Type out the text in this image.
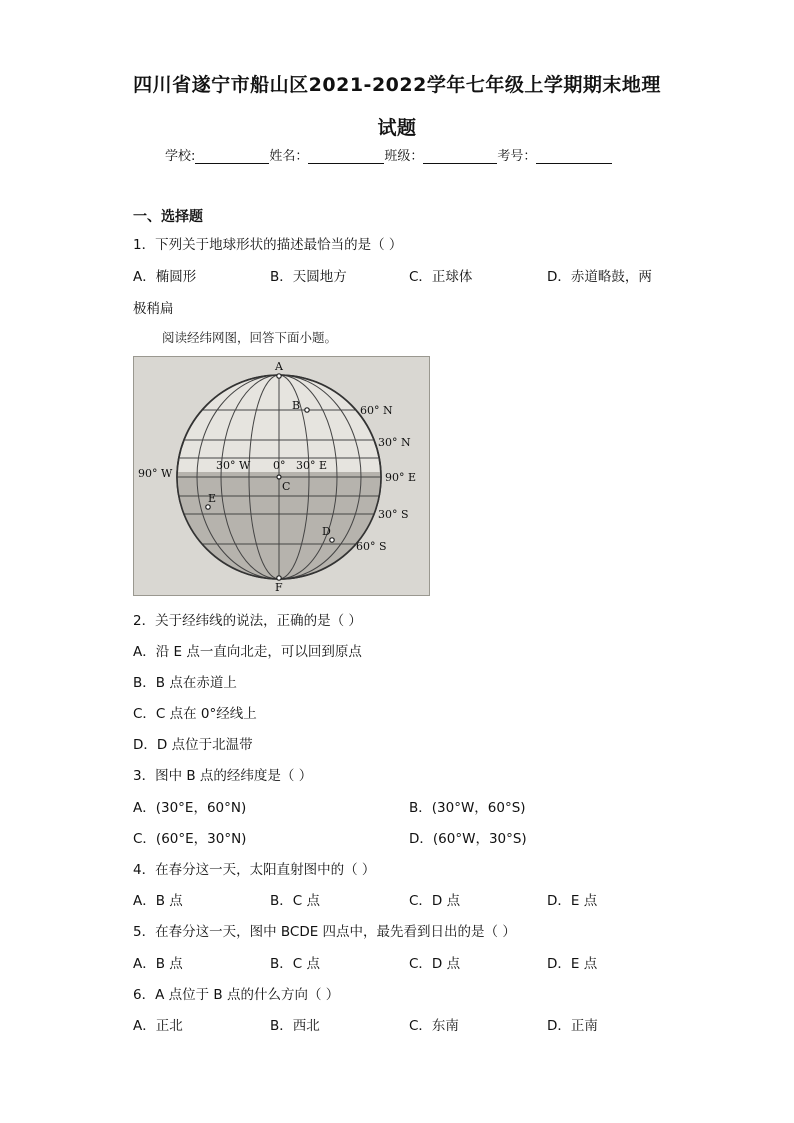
四川省遂宁市船山区2021-2022学年七年级上学期期末地理
试题
学校:	姓名：	班级：	考号：
一、选择题
1．下列关于地球形状的描述最恰当的是（ ）
A．椭圆形	B．天圆地方	C．正球体	D．赤道略鼓，两
极稍扁
阅读经纬网图，回答下面小题。
A
B
C
D
E
F
60° N
30° N
90° W
30° W 0° 30° E
90° E
30° S
60° S
2．关于经纬线的说法，正确的是（ ）
A．沿 E 点一直向北走，可以回到原点
B．B 点在赤道上
C．C 点在 0°经线上
D．D 点位于北温带
3．图中 B 点的经纬度是（ ）
A．(30°E，60°N)	B．(30°W，60°S)
C．(60°E，30°N)	D．(60°W，30°S)
4．在春分这一天，太阳直射图中的（ ）
A．B 点	B．C 点	C．D 点	D．E 点
5．在春分这一天，图中 BCDE 四点中，最先看到日出的是（ ）
A．B 点	B．C 点	C．D 点	D．E 点
6．A 点位于 B 点的什么方向（ ）
A．正北	B．西北	C．东南	D．正南
